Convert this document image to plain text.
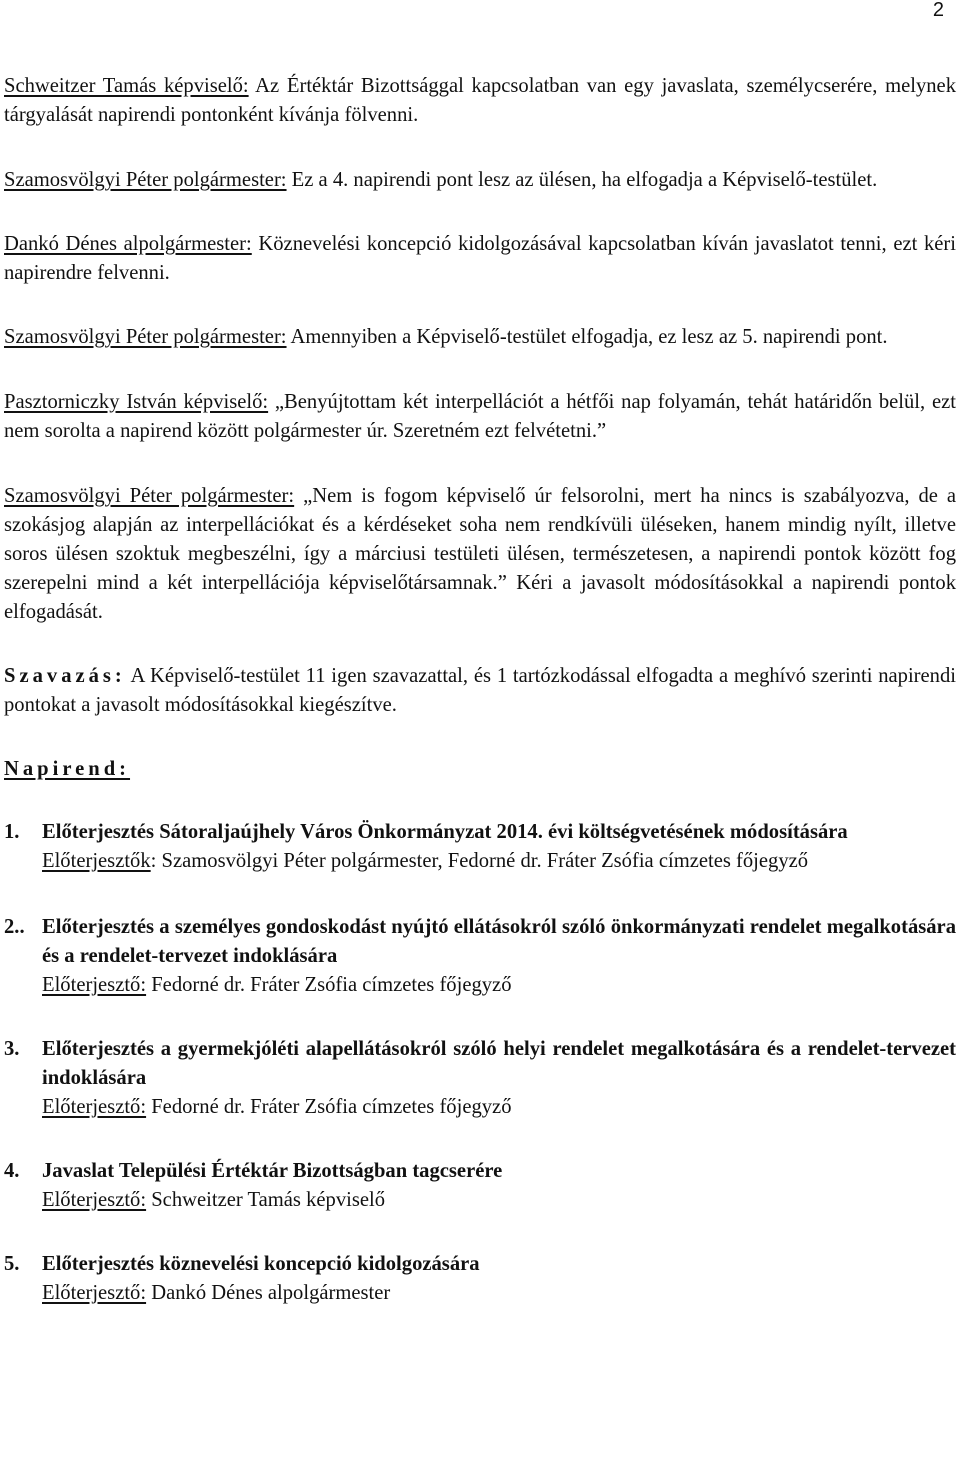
2

Schweitzer Tamás képviselő: Az Értéktár Bizottsággal kapcsolatban van egy javaslata, személycserére, melynek tárgyalását napirendi pontonként kívánja fölvenni.

Szamosvölgyi Péter polgármester: Ez a 4. napirendi pont lesz az ülésen, ha elfogadja a Képviselő-testület.

Dankó Dénes alpolgármester: Köznevelési koncepció kidolgozásával kapcsolatban kíván javaslatot tenni, ezt kéri napirendre felvenni.

Szamosvölgyi Péter polgármester: Amennyiben a Képviselő-testület elfogadja, ez lesz az 5. napirendi pont.

Pasztorniczky István képviselő: „Benyújtottam két interpellációt a hétfői nap folyamán, tehát határidőn belül, ezt nem sorolta a napirend között polgármester úr. Szeretném ezt felvétetni.”

Szamosvölgyi Péter polgármester: „Nem is fogom képviselő úr felsorolni, mert ha nincs is szabályozva, de a szokásjog alapján az interpellációkat és a kérdéseket soha nem rendkívüli üléseken, hanem mindig nyílt, illetve soros ülésen szoktuk megbeszélni, így a márciusi testületi ülésen, természetesen, a napirendi pontok között fog szerepelni mind a két interpellációja képviselőtársamnak.” Kéri a javasolt módosításokkal a napirendi pontok elfogadását.

Szavazás: A Képviselő-testület 11 igen szavazattal, és 1 tartózkodással elfogadta a meghívó szerinti napirendi pontokat a javasolt módosításokkal kiegészítve.

Napirend:

1.	Előterjesztés Sátoraljaújhely Város Önkormányzat 2014. évi költségvetésének módosítására
Előterjesztők: Szamosvölgyi Péter polgármester, Fedorné dr. Fráter Zsófia címzetes főjegyző
2.. Előterjesztés a személyes gondoskodást nyújtó ellátásokról szóló önkormányzati rendelet megalkotására és a rendelet-tervezet indoklására
Előterjesztő: Fedorné dr. Fráter Zsófia címzetes főjegyző
3.	Előterjesztés a gyermekjóléti alapellátásokról szóló helyi rendelet megalkotására és a rendelet-tervezet indoklására
Előterjesztő: Fedorné dr. Fráter Zsófia címzetes főjegyző
4.	Javaslat Települési Értéktár Bizottságban tagcserére
Előterjesztő: Schweitzer Tamás képviselő
5.	Előterjesztés köznevelési koncepció kidolgozására
Előterjesztő: Dankó Dénes alpolgármester
